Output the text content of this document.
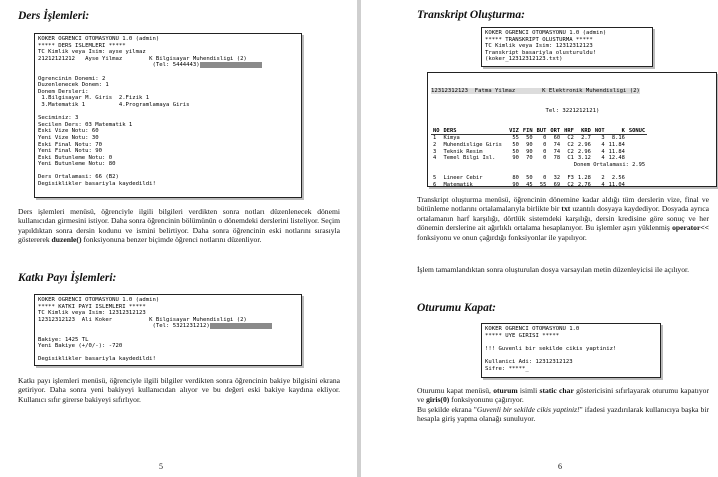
Ders İşlemleri:
KOKER OGRENCI OTOMASYONU 1.0 (admin)
***** DERS ISLEMLERI *****
TC Kimlik veya Isim: ayse yilmaz
21212121212   Ayse Yilmaz        K Bilgisayar Muhendisligi (2)
(Tel: 5444443)
Ogrencinin Donemi: 2
Duzenlenecek Donem: 1
Donem Dersleri:
1.Bilgisayar M. Giris  2.Fizik 1
3.Matematik 1          4.Programlamaya Giris
Seciminiz: 3
Secilen Ders: 03 Matematik 1
Eski Vize Notu: 60
Yeni Vize Notu: 30
Eski Final Notu: 70
Yeni Final Notu: 90
Eski Butunleme Notu: 0
Yeni Butunleme Notu: 80
Ders Ortalamasi: 66 (B2)
Degisiklikler basariyla kaydedildi!
Ders işlemleri menüsü, öğrenciyle ilgili bilgileri verdikten sonra notları düzenlenecek dönemi kullanıcıdan girmesini istiyor. Daha sonra öğrencinin bölümünün o dönemdeki derslerini listeliyor. Seçim yapıldıktan sonra dersin kodunu ve ismini belirtiyor. Daha sonra öğrencinin eski notlarını sırasıyla göstererek duzenle() fonksiyonuna benzer biçimde öğrenci notlarını düzenliyor.
Katkı Payı İşlemleri:
KOKER OGRENCI OTOMASYONU 1.0 (admin)
***** KATKI PAYI ISLEMLERI *****
TC Kimlik veya Isim: 12312312123
12312312123  Ali Koker           K Bilgisayar Muhendisligi (2)
(Tel: 5321231212)
Bakiye: 1425 TL
Yeni Bakiye (+/0/-): -720
Degisiklikler basariyla kaydedildi!
Katkı payı işlemleri menüsü, öğrenciyle ilgili bilgiler verdikten sonra öğrencinin bakiye bilgisini ekrana getiriyor. Daha sonra yeni bakiyeyi kullanıcıdan alıyor ve bu değeri eski bakiye kaydına ekliyor. Kullanıcı sıfır girerse bakiyeyi sıfırlıyor.
5
Transkript Oluşturma:
KOKER OGRENCI OTOMASYONU 1.0 (admin)
***** TRANSKRIPT OLUSTURMA *****
TC Kimlik veya Isim: 12312312123
Transkript basariyla olusturuldu!
(koker_12312312123.txt)

12312312123  Fatma Yilmaz        K Elektronik Muhendisligi (2)

Tel: 3221212121)

NO	DERS	VIZ	FIN	BUT	ORT	HRF	KRD	NOT	K	SONUC
1	Kimya	55	50	0	60	C2	2.7	3	8.16	
2	Muhendislige Giris	50	90	0	74	C2	2.96	4	11.84	
3	Teknik Resim	50	90	0	74	C2	2.96	4	11.84	
4	Temel Bilgi Isl.	90	70	0	78	C1	3.12	4	12.48	
Donem Ortalamasi: 2.95										

5	Lineer Cebir	80	50	0	32	F3	1.28	2	2.56	
6	Matematik	90	45	55	69	C2	2.76	4	11.04	

Transkript oluşturma menüsü, öğrencinin dönemine kadar aldığı tüm derslerin vize, final ve bütünleme notlarını ortalamalarıyla birlikte bir txt uzantılı dosyaya kaydediyor. Dosyada ayrıca ortalamanın harf karşılığı, dörtlük sistemdeki karşılığı, dersin kredisine göre sonuç ve her dönemin derslerine ait ağırlıklı ortalama hesaplanıyor. Bu işlemler aşırı yüklenmiş operator<< fonksiyonu ve onun çağırdığı fonksiyonlar ile yapılıyor.
İşlem tamamlandıktan sonra oluşturulan dosya varsayılan metin düzenleyicisi ile açılıyor.
Oturumu Kapat:
KOKER OGRENCI OTOMASYONU 1.0
***** UYE GIRISI *****
!!! Guvenli bir sekilde cikis yaptiniz!
Kullanici Adi: 12312312123
Sifre: *****_
Oturumu kapat menüsü, oturum isimli static char göstericisini sıfırlayarak oturumu kapatıyor ve giris(0) fonksiyonunu çağırıyor.
Bu şekilde ekrana "Guvenli bir sekilde cikis yaptiniz!" ifadesi yazdırılarak kullanıcıya başka bir hesapla giriş yapma olanağı sunuluyor.
6
